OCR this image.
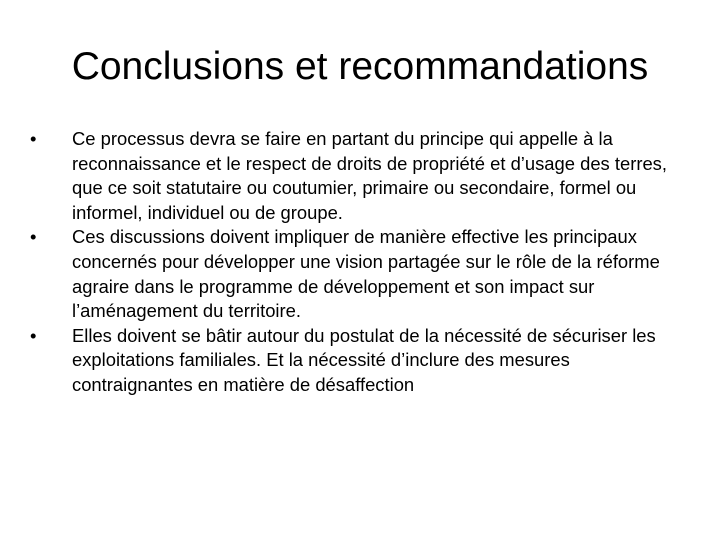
Conclusions et recommandations
•	Ce processus devra se faire en partant du principe qui appelle à la reconnaissance et le respect de droits de propriété et d’usage des terres, que ce soit statutaire ou coutumier, primaire ou secondaire, formel ou informel, individuel ou de groupe.
•	Ces discussions doivent impliquer de manière effective les principaux concernés pour développer une vision partagée sur le rôle de la réforme agraire dans le programme de développement et son impact sur l’aménagement du territoire.
•	Elles doivent se bâtir autour du postulat de la nécessité de sécuriser les exploitations familiales. Et la nécessité d’inclure des mesures contraignantes en matière de désaffection
